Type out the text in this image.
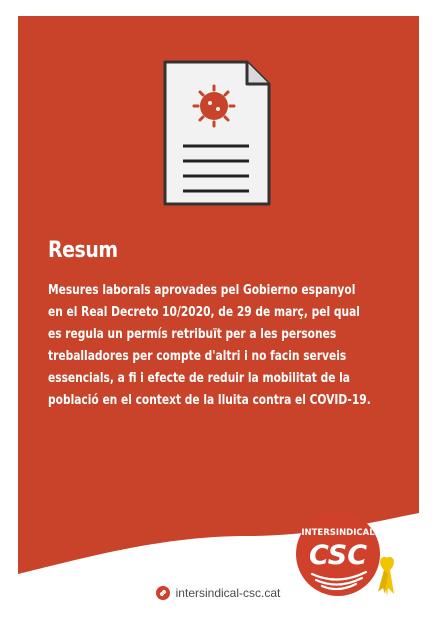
Resum
Mesures laborals aprovades pel Gobierno espanyol
en el Real Decreto 10/2020, de 29 de març, pel qual
es regula un permís retribuït per a les persones
treballadores per compte d'altri i no facin serveis
essencials, a fi i efecte de reduir la mobilitat de la
població en el context de la lluita contra el COVID-19.
INTERSINDICAL
CSC
intersindical-csc.cat
